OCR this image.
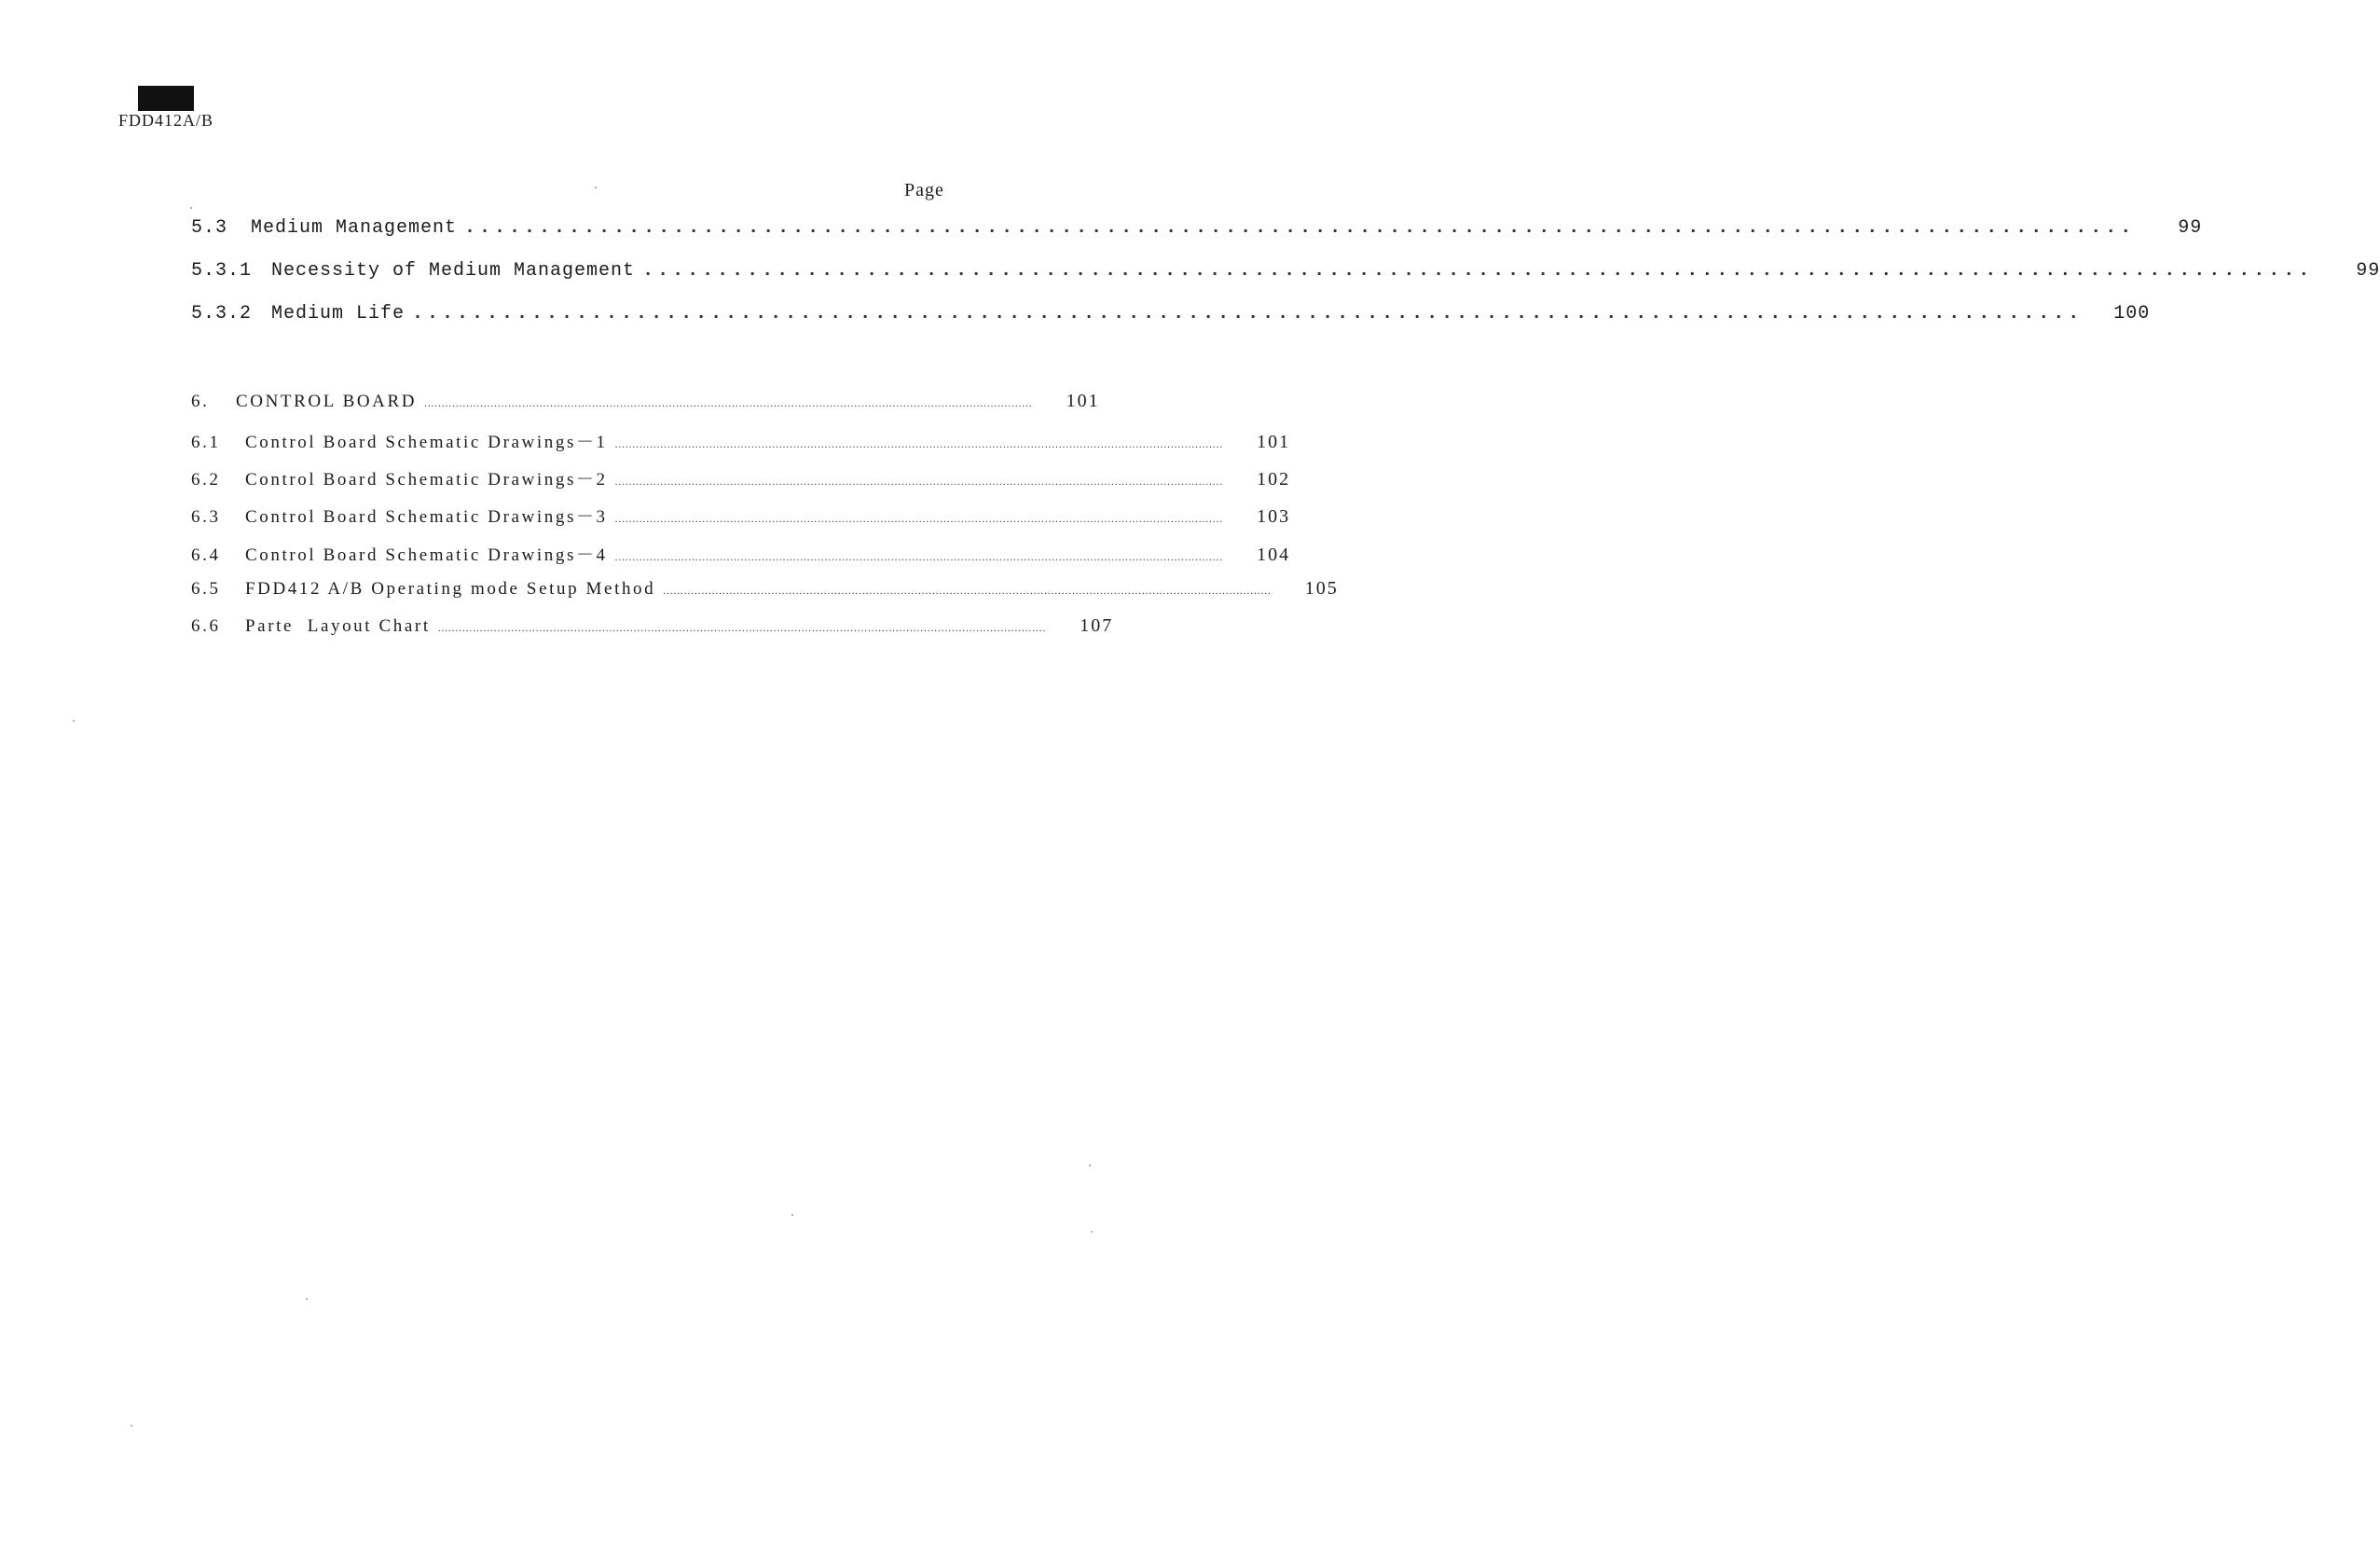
FDD412A/B
Page
5.3	Medium Management ................................................................................................................	99
5.3.1	Necessity of Medium Management ................................................................................................................	99
5.3.2	Medium Life ................................................................................................................	100
6.	CONTROL BOARD ..............................................................................................................................................................................	101
6.1	Control Board Schematic Drawings－1 ..............................................................................................................................................................................	101
6.2	Control Board Schematic Drawings－2 ..............................................................................................................................................................................	102
6.3	Control Board Schematic Drawings－3 ..............................................................................................................................................................................	103
6.4	Control Board Schematic Drawings－4 ..............................................................................................................................................................................	104
6.5	FDD412 A/B Operating mode Setup Method ..............................................................................................................................................................................	105
6.6	Parte  Layout Chart ..............................................................................................................................................................................	107
